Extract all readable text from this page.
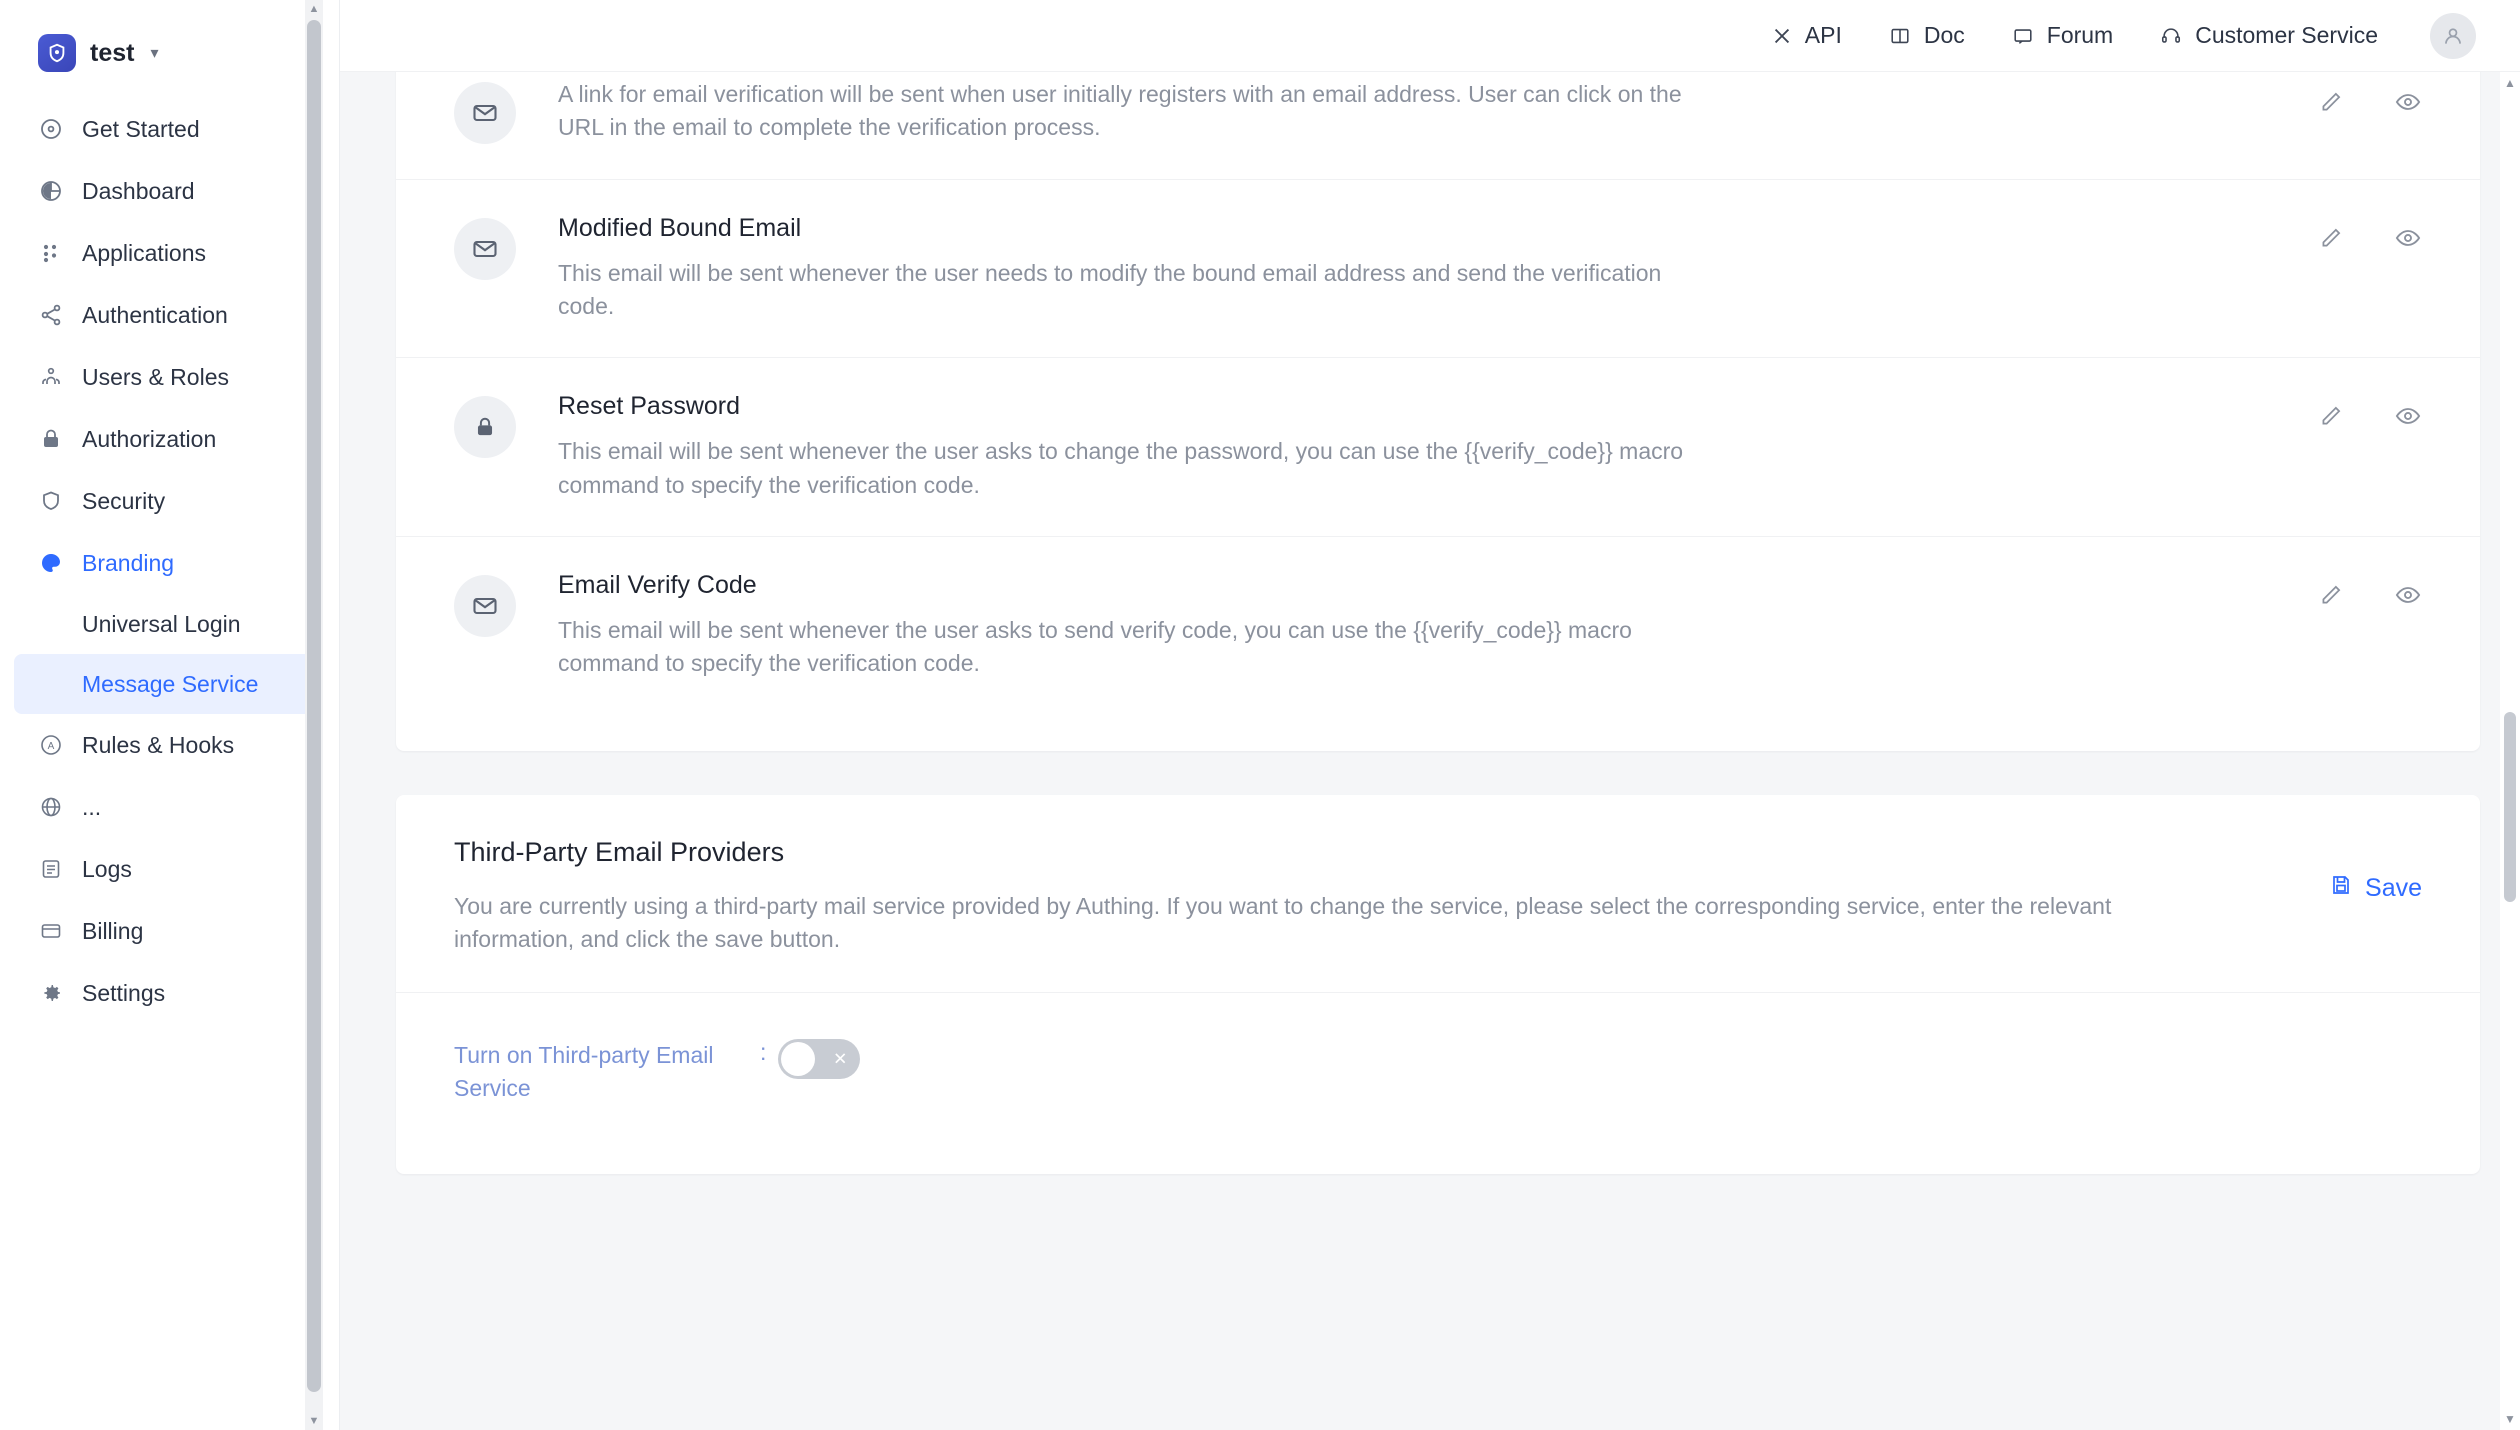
test ▾
Get Started
Dashboard
Applications
Authentication
Users & Roles
Authorization
Security
Branding
Universal Login
Message Service
A Rules & Hooks
...
Logs
Billing
Settings
▲
▼
API	Doc	Forum	Customer Service
A link for email verification will be sent when user initially registers with an email address. User can click on the URL in the email to complete the verification process.
Modified Bound Email
This email will be sent whenever the user needs to modify the bound email address and send the verification code.
Reset Password
This email will be sent whenever the user asks to change the password, you can use the {{verify_code}} macro command to specify the verification code.
Email Verify Code
This email will be sent whenever the user asks to send verify code, you can use the {{verify_code}} macro command to specify the verification code.
Third-Party Email Providers
You are currently using a third-party mail service provided by Authing. If you want to change the service, please select the corresponding service, enter the relevant information, and click the save button.
Save
Turn on Third-party Email Service
:	✕
▲
▼
